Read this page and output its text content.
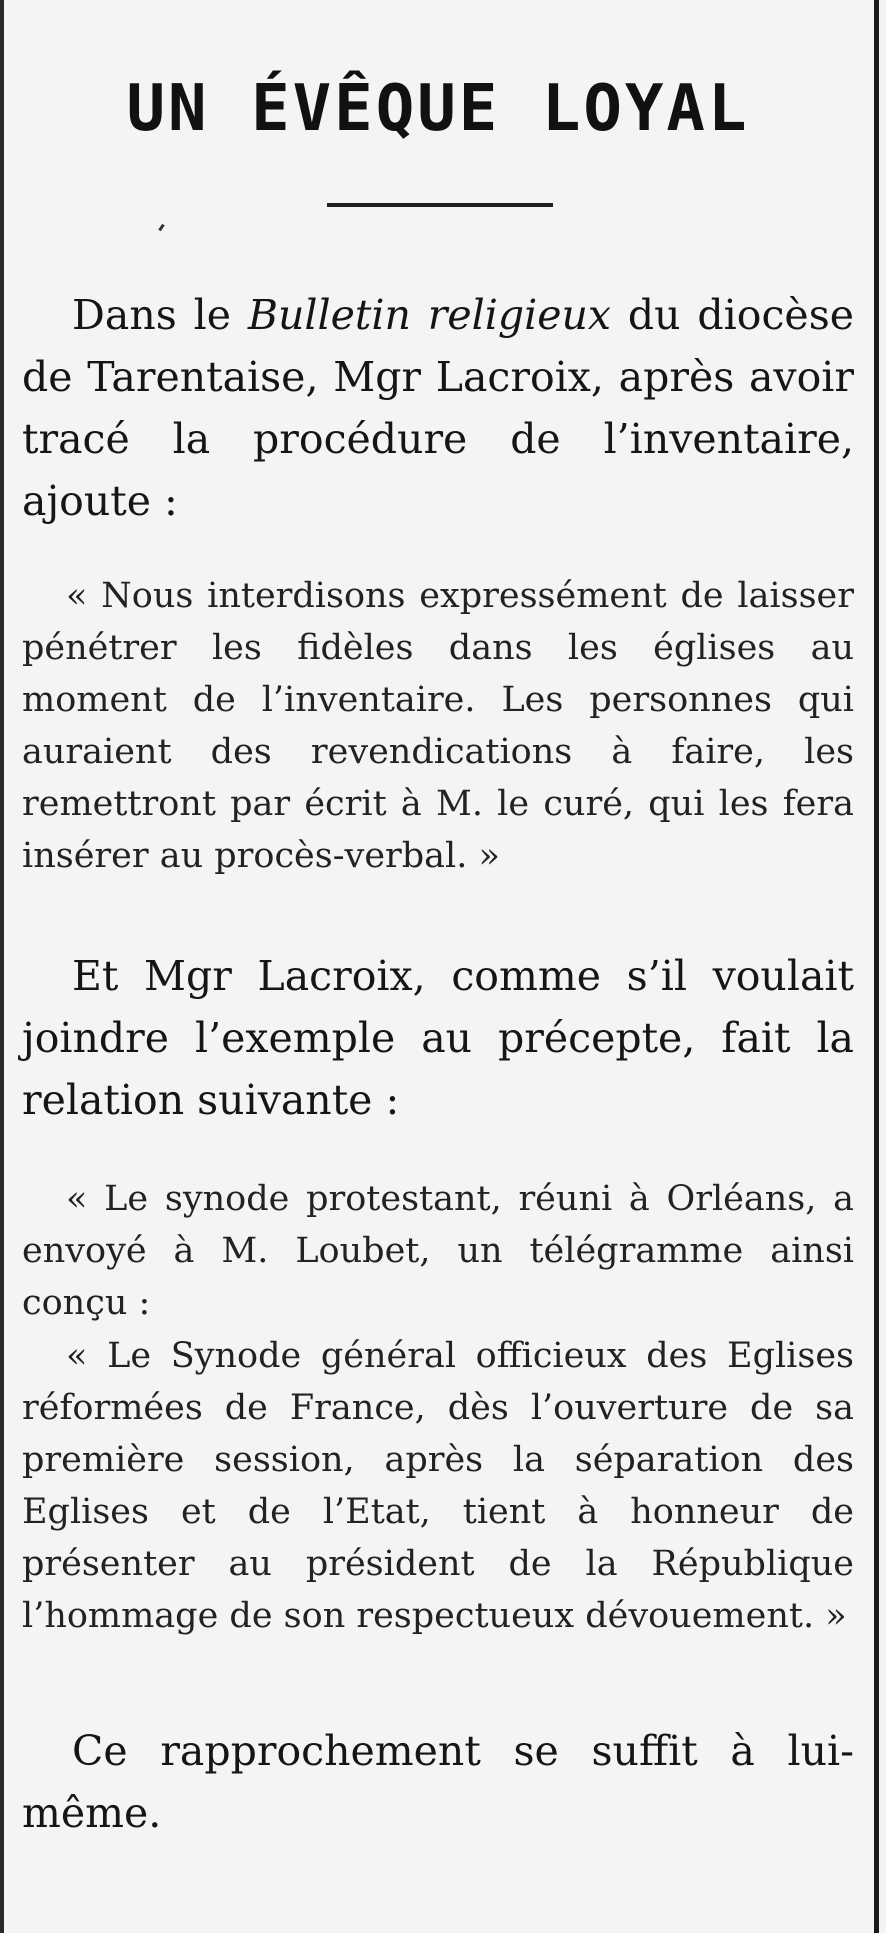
UN ÉVÊQUE LOYAL

Dans le Bulletin religieux du diocèse de Tarentaise, Mgr Lacroix, après avoir tracé la procédure de l’inventaire, ajoute :

« Nous interdisons expressément de laisser pénétrer les fidèles dans les églises au moment de l’inventaire. Les personnes qui auraient des revendications à faire, les remettront par écrit à M. le curé, qui les fera insérer au procès-verbal. »

Et Mgr Lacroix, comme s’il voulait joindre l’exemple au précepte, fait la relation suivante :

« Le synode protestant, réuni à Orléans, a envoyé à M. Loubet, un télégramme ainsi conçu :

« Le Synode général officieux des Eglises réformées de France, dès l’ouverture de sa première session, après la séparation des Eglises et de l’Etat, tient à honneur de présenter au président de la République l’hommage de son respectueux dévouement. »

Ce rapprochement se suffit à lui-même.
